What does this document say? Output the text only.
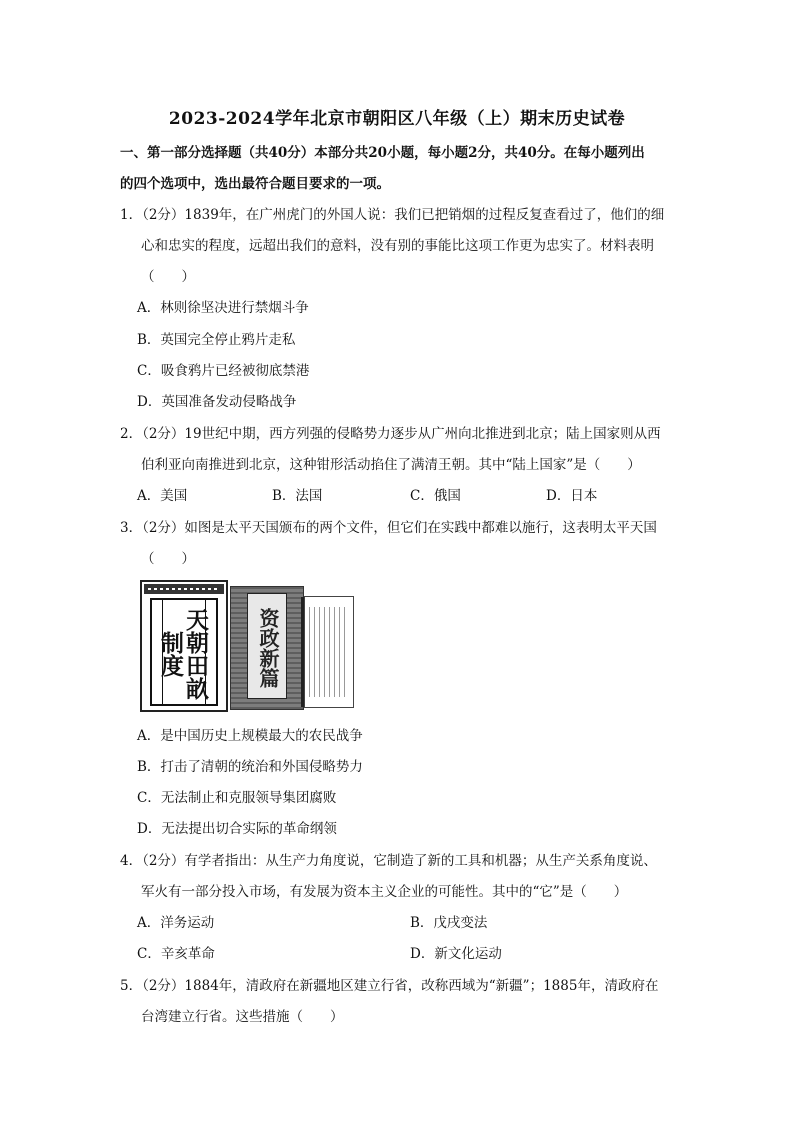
2023-2024学年北京市朝阳区八年级（上）期末历史试卷
一、第一部分选择题（共40分）本部分共20小题，每小题2分，共40分。在每小题列出
的四个选项中，选出最符合题目要求的一项。
1．（2分）1839年，在广州虎门的外国人说：我们已把销烟的过程反复查看过了，他们的细
心和忠实的程度，远超出我们的意料，没有别的事能比这项工作更为忠实了。材料表明
（　　）
A．林则徐坚决进行禁烟斗争
B．英国完全停止鸦片走私
C．吸食鸦片已经被彻底禁港
D．英国准备发动侵略战争
2．（2分）19世纪中期，西方列强的侵略势力逐步从广州向北推进到北京；陆上国家则从西
伯利亚向南推进到北京，这种钳形活动掐住了满清王朝。其中“陆上国家”是（　　）
A．美国	B．法国	C．俄国	D．日本
3．（2分）如图是太平天国颁布的两个文件，但它们在实践中都难以施行，这表明太平天国
（　　）
天朝田畝制度	资政新篇
A．是中国历史上规模最大的农民战争
B．打击了清朝的统治和外国侵略势力
C．无法制止和克服领导集团腐败
D．无法提出切合实际的革命纲领
4．（2分）有学者指出：从生产力角度说，它制造了新的工具和机器；从生产关系角度说、
军火有一部分投入市场，有发展为资本主义企业的可能性。其中的“它”是（　　）
A．洋务运动	B．戊戌变法
C．辛亥革命	D．新文化运动
5．（2分）1884年，清政府在新疆地区建立行省，改称西域为“新疆”；1885年，清政府在
台湾建立行省。这些措施（　　）
